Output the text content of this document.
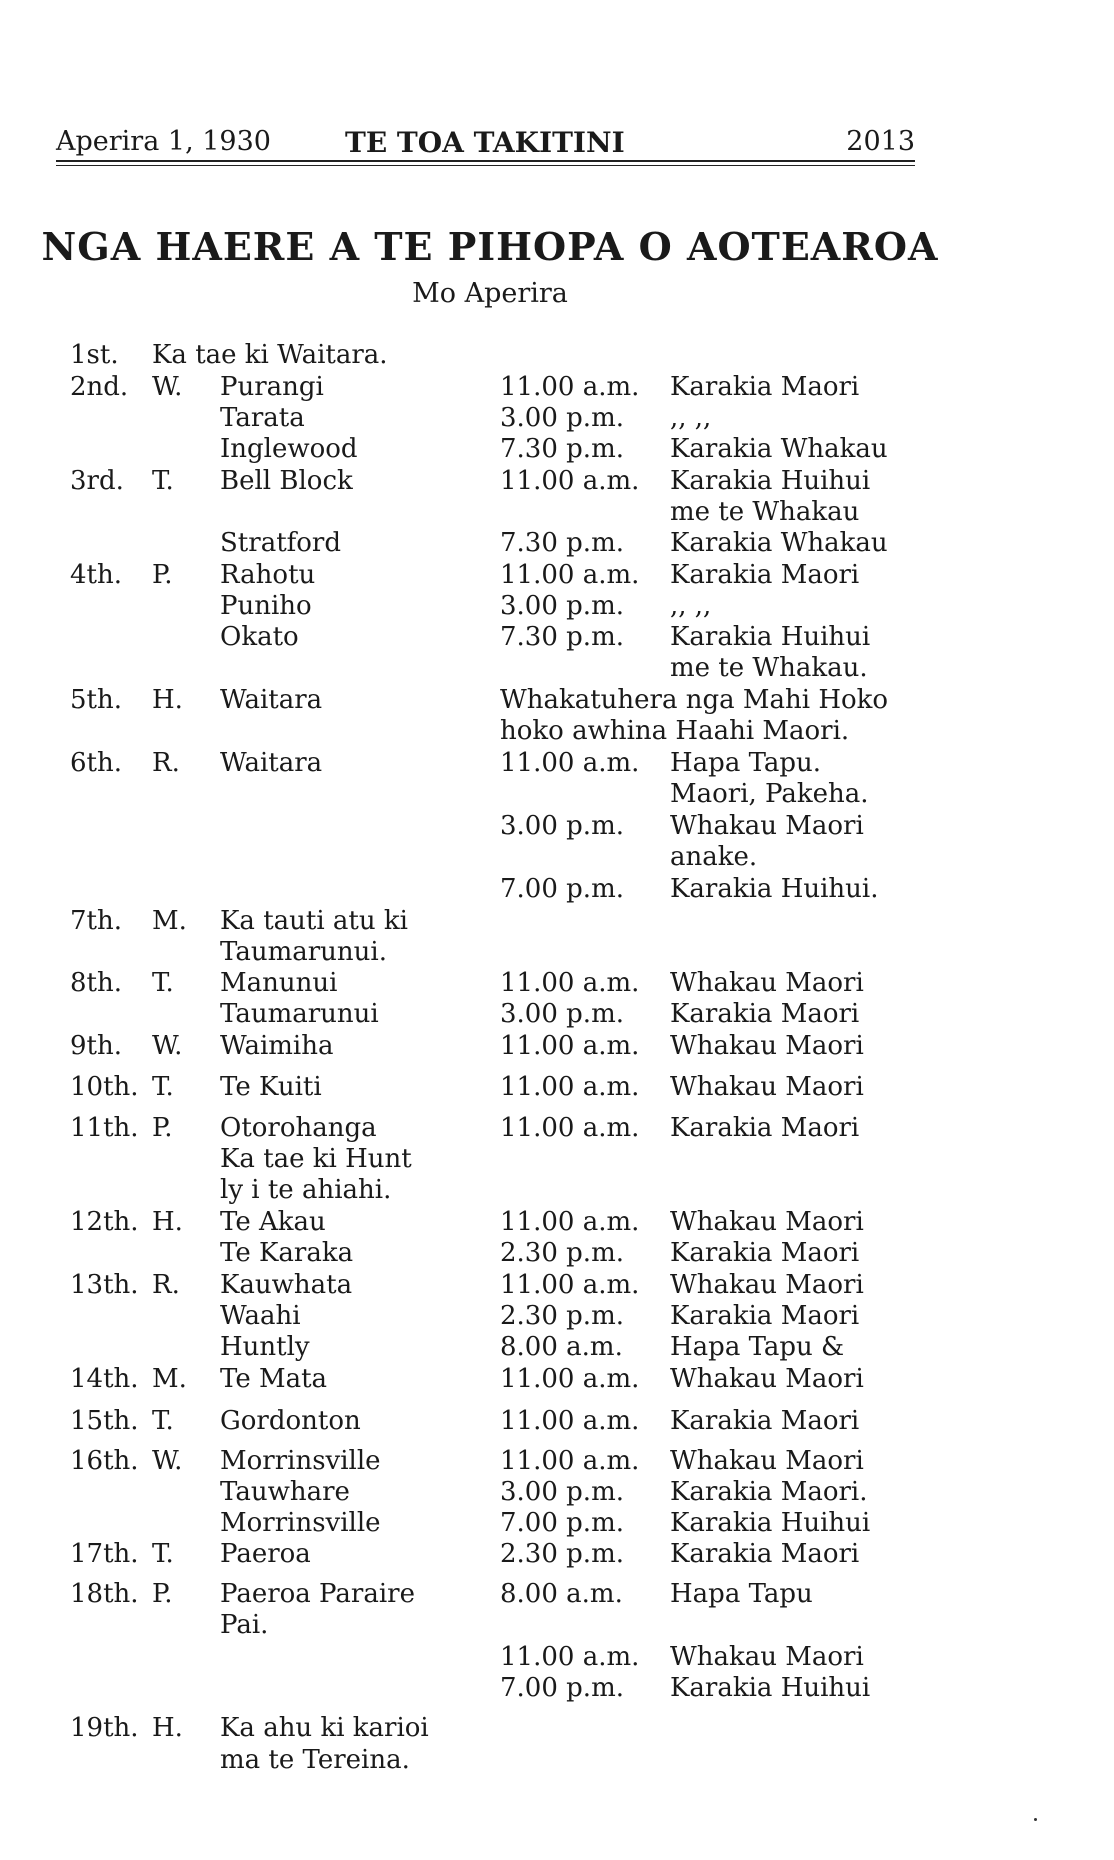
Aperira 1, 1930	TE TOA TAKITINI	2013
NGA HAERE A TE PIHOPA O AOTEAROA
Mo Aperira
1st. Ka tae ki Waitara.
2nd. W. Purangi	11.00 a.m. Karakia Maori
Tarata	3.00 p.m. ,, ,,
Inglewood	7.30 p.m. Karakia Whakau
3rd. T. Bell Block	11.00 a.m. Karakia Huihui
me te Whakau
Stratford	7.30 p.m. Karakia Whakau
4th. P. Rahotu	11.00 a.m. Karakia Maori
Puniho	3.00 p.m. ,, ,,
Okato	7.30 p.m. Karakia Huihui
me te Whakau.
5th. H. Waitara	Whakatuhera nga Mahi Hoko
hoko awhina Haahi Maori.
6th. R. Waitara	11.00 a.m. Hapa Tapu.
Maori, Pakeha.
3.00 p.m. Whakau Maori
anake.
7.00 p.m. Karakia Huihui.
7th. M. Ka tauti atu ki
Taumarunui.
8th. T. Manunui	11.00 a.m. Whakau Maori
Taumarunui	3.00 p.m. Karakia Maori
9th. W. Waimiha	11.00 a.m. Whakau Maori
10th. T. Te Kuiti	11.00 a.m. Whakau Maori
11th. P. Otorohanga	11.00 a.m. Karakia Maori
Ka tae ki Hunt
ly i te ahiahi.
12th. H. Te Akau	11.00 a.m. Whakau Maori
Te Karaka	2.30 p.m. Karakia Maori
13th. R. Kauwhata	11.00 a.m. Whakau Maori
Waahi	2.30 p.m. Karakia Maori
Huntly	8.00 a.m. Hapa Tapu &
14th. M. Te Mata	11.00 a.m. Whakau Maori
15th. T. Gordonton	11.00 a.m. Karakia Maori
16th. W. Morrinsville	11.00 a.m. Whakau Maori
Tauwhare	3.00 p.m. Karakia Maori.
Morrinsville	7.00 p.m. Karakia Huihui
17th. T. Paeroa	2.30 p.m. Karakia Maori
18th. P. Paeroa Paraire	8.00 a.m. Hapa Tapu
Pai.
11.00 a.m. Whakau Maori
7.00 p.m. Karakia Huihui
19th. H. Ka ahu ki karioi
ma te Tereina.
